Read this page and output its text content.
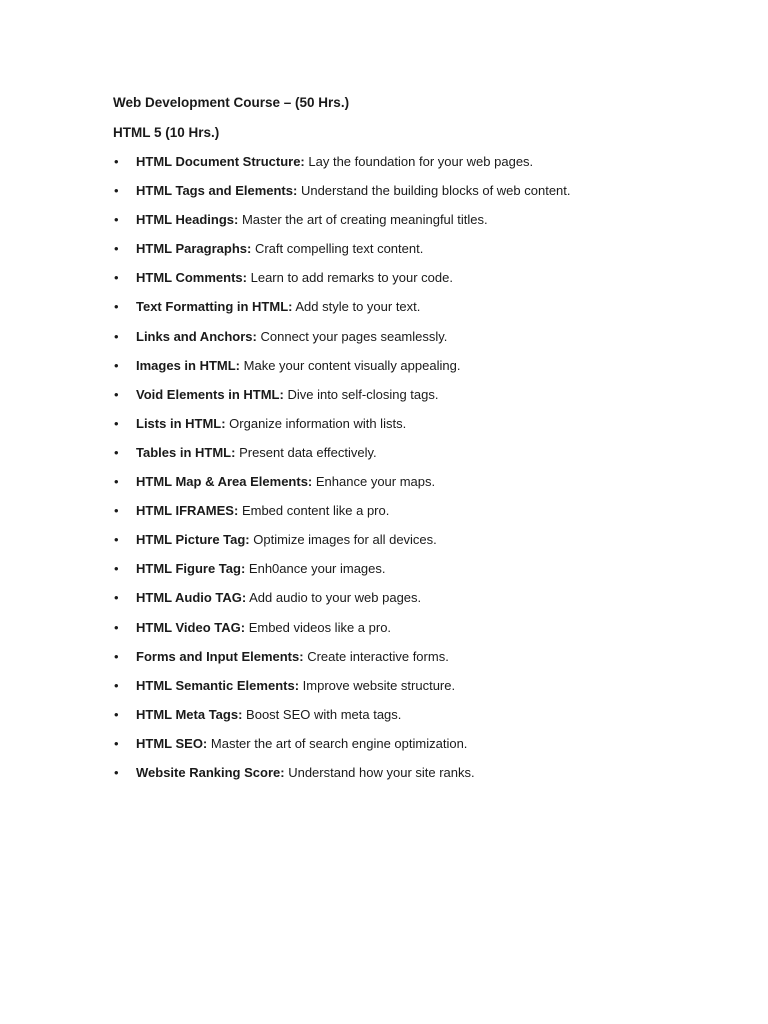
Web Development Course – (50 Hrs.)

HTML 5 (10 Hrs.)

• HTML Document Structure: Lay the foundation for your web pages.
• HTML Tags and Elements: Understand the building blocks of web content.
• HTML Headings: Master the art of creating meaningful titles.
• HTML Paragraphs: Craft compelling text content.
• HTML Comments: Learn to add remarks to your code.
• Text Formatting in HTML: Add style to your text.
• Links and Anchors: Connect your pages seamlessly.
• Images in HTML: Make your content visually appealing.
• Void Elements in HTML: Dive into self-closing tags.
• Lists in HTML: Organize information with lists.
• Tables in HTML: Present data effectively.
• HTML Map & Area Elements: Enhance your maps.
• HTML IFRAMES: Embed content like a pro.
• HTML Picture Tag: Optimize images for all devices.
• HTML Figure Tag: Enh0ance your images.
• HTML Audio TAG: Add audio to your web pages.
• HTML Video TAG: Embed videos like a pro.
• Forms and Input Elements: Create interactive forms.
• HTML Semantic Elements: Improve website structure.
• HTML Meta Tags: Boost SEO with meta tags.
• HTML SEO: Master the art of search engine optimization.
• Website Ranking Score: Understand how your site ranks.
